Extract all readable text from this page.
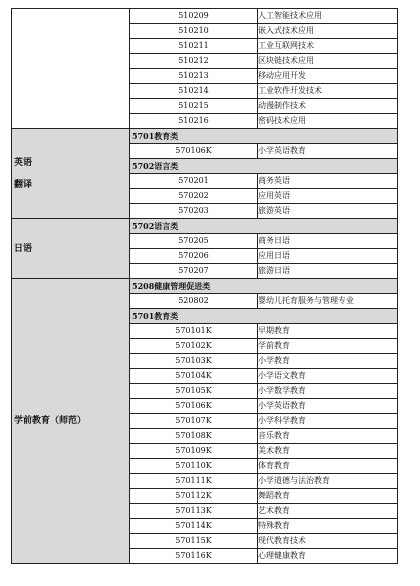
	510209	人工智能技术应用
	510210	嵌入式技术应用
	510211	工业互联网技术
	510212	区块链技术应用
	510213	移动应用开发
	510214	工业软件开发技术
	510215	动漫制作技术
	510216	密码技术应用

英语
翻译	5701教育类	
	570106K	小学英语教育
	5702语言类	
	570201	商务英语
	570202	应用英语
	570203	旅游英语

日语	5702语言类	
	570205	商务日语
	570206	应用日语
	570207	旅游日语

学前教育（师范）	5208健康管理促进类	
	520802	婴幼儿托育服务与管理专业
	5701教育类	
	570101K	早期教育
	570102K	学前教育
	570103K	小学教育
	570104K	小学语文教育
	570105K	小学数学教育
	570106K	小学英语教育
	570107K	小学科学教育
	570108K	音乐教育
	570109K	美术教育
	570110K	体育教育
	570111K	小学道德与法治教育
	570112K	舞蹈教育
	570113K	艺术教育
	570114K	特殊教育
	570115K	现代教育技术
	570116K	心理健康教育
